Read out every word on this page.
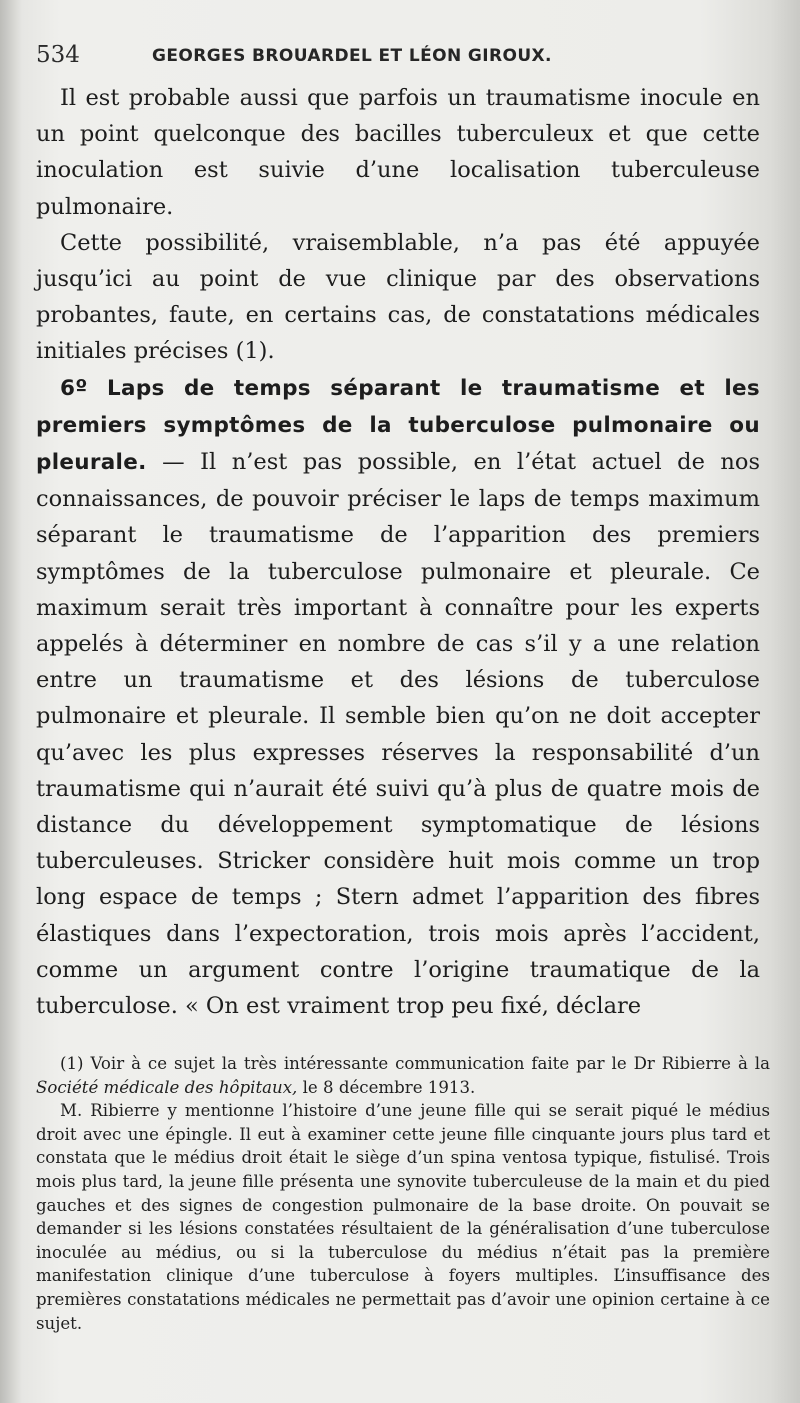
534	GEORGES BROUARDEL ET LÉON GIROUX.

Il est probable aussi que parfois un traumatisme inocule en un point quelconque des bacilles tuberculeux et que cette inoculation est suivie d’une localisation tuberculeuse pulmonaire.

Cette possibilité, vraisemblable, n’a pas été appuyée jusqu’ici au point de vue clinique par des observations probantes, faute, en certains cas, de constatations médicales initiales précises (1).

6º Laps de temps séparant le traumatisme et les premiers symptômes de la tuberculose pulmonaire ou pleurale. — Il n’est pas possible, en l’état actuel de nos connaissances, de pouvoir préciser le laps de temps maximum séparant le traumatisme de l’apparition des premiers symptômes de la tuberculose pulmonaire et pleurale. Ce maximum serait très important à connaître pour les experts appelés à déterminer en nombre de cas s’il y a une relation entre un traumatisme et des lésions de tuberculose pulmonaire et pleurale. Il semble bien qu’on ne doit accepter qu’avec les plus expresses réserves la responsabilité d’un traumatisme qui n’aurait été suivi qu’à plus de quatre mois de distance du développement symptomatique de lésions tuberculeuses. Stricker considère huit mois comme un trop long espace de temps ; Stern admet l’apparition des fibres élastiques dans l’expectoration, trois mois après l’accident, comme un argument contre l’origine traumatique de la tuberculose. « On est vraiment trop peu fixé, déclare

(1) Voir à ce sujet la très intéressante communication faite par le Dr Ribierre à la Société médicale des hôpitaux, le 8 décembre 1913.

M. Ribierre y mentionne l’histoire d’une jeune fille qui se serait piqué le médius droit avec une épingle. Il eut à examiner cette jeune fille cinquante jours plus tard et constata que le médius droit était le siège d’un spina ventosa typique, fistulisé. Trois mois plus tard, la jeune fille présenta une synovite tuberculeuse de la main et du pied gauches et des signes de congestion pulmonaire de la base droite. On pouvait se demander si les lésions constatées résultaient de la généralisation d’une tuberculose inoculée au médius, ou si la tuberculose du médius n’était pas la première manifestation clinique d’une tuberculose à foyers multiples. L’insuffisance des premières constatations médicales ne permettait pas d’avoir une opinion certaine à ce sujet.
